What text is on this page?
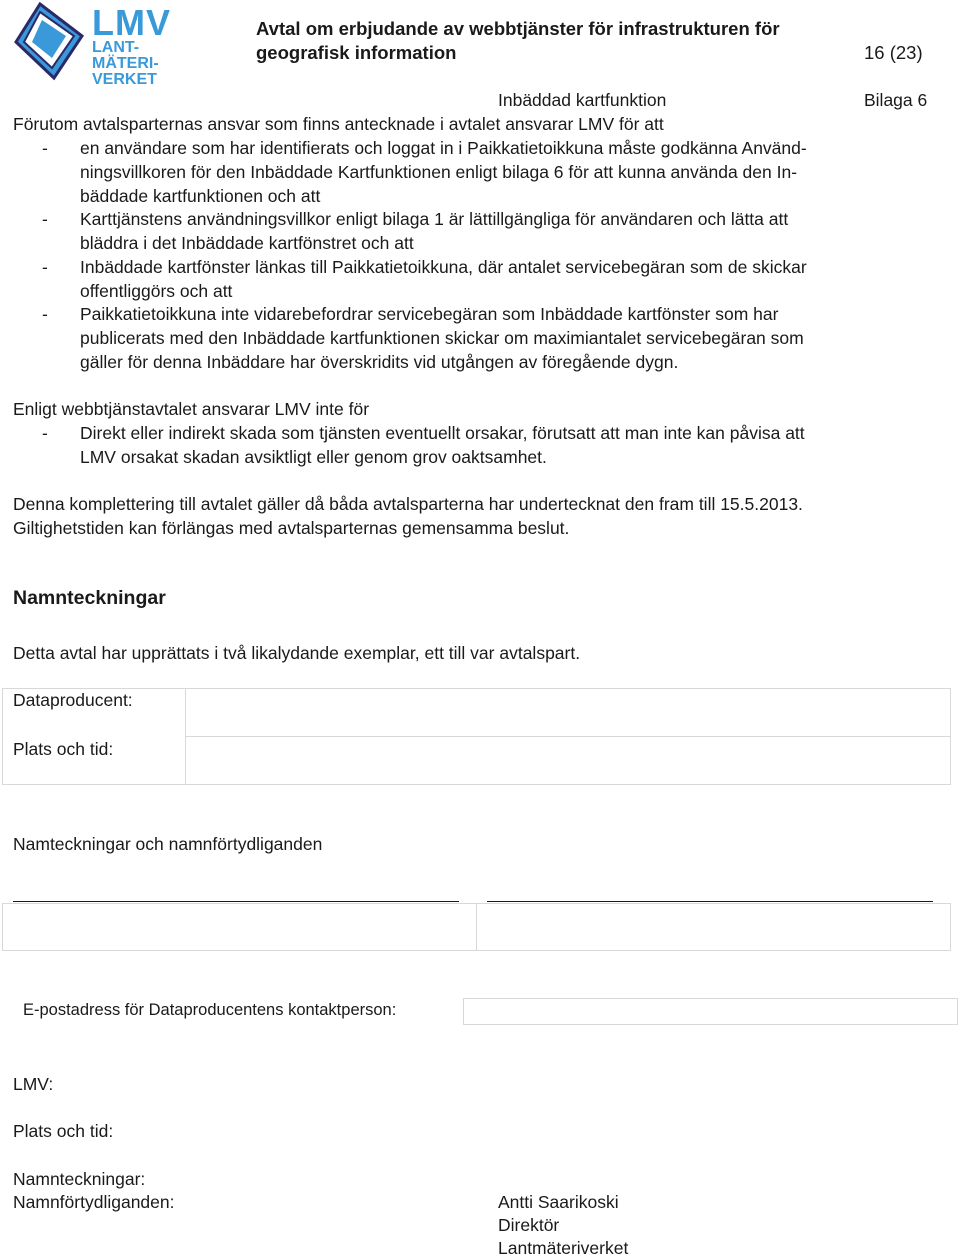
LMV
LANT-
MÄTERI-
VERKET
Avtal om erbjudande av webbtjänster för infrastrukturen för
geografisk information	16 (23)
Inbäddad kartfunktion	Bilaga 6
Förutom avtalsparternas ansvar som finns antecknade i avtalet ansvarar LMV för att
- en användare som har identifierats och loggat in i Paikkatietoikkuna måste godkänna Använd-
ningsvillkoren för den Inbäddade Kartfunktionen enligt bilaga 6 för att kunna använda den In-
bäddade kartfunktionen och att
- Karttjänstens användningsvillkor enligt bilaga 1 är lättillgängliga för användaren och lätta att
bläddra i det Inbäddade kartfönstret och att
- Inbäddade kartfönster länkas till Paikkatietoikkuna, där antalet servicebegäran som de skickar
offentliggörs och att
- Paikkatietoikkuna inte vidarebefordrar servicebegäran som Inbäddade kartfönster som har
publicerats med den Inbäddade kartfunktionen skickar om maximiantalet servicebegäran som
gäller för denna Inbäddare har överskridits vid utgången av föregående dygn.
Enligt webbtjänstavtalet ansvarar LMV inte för
- Direkt eller indirekt skada som tjänsten eventuellt orsakar, förutsatt att man inte kan påvisa att
LMV orsakat skadan avsiktligt eller genom grov oaktsamhet.
Denna komplettering till avtalet gäller då båda avtalsparterna har undertecknat den fram till 15.5.2013.
Giltighetstiden kan förlängas med avtalsparternas gemensamma beslut.
Namnteckningar
Detta avtal har upprättats i två likalydande exemplar, ett till var avtalspart.
Dataproducent:
Plats och tid:
Namteckningar och namnförtydliganden
E-postadress för Dataproducentens kontaktperson:
LMV:
Plats och tid:
Namnteckningar:
Namnförtydliganden:	Antti Saarikoski
Direktör
Lantmäteriverket
